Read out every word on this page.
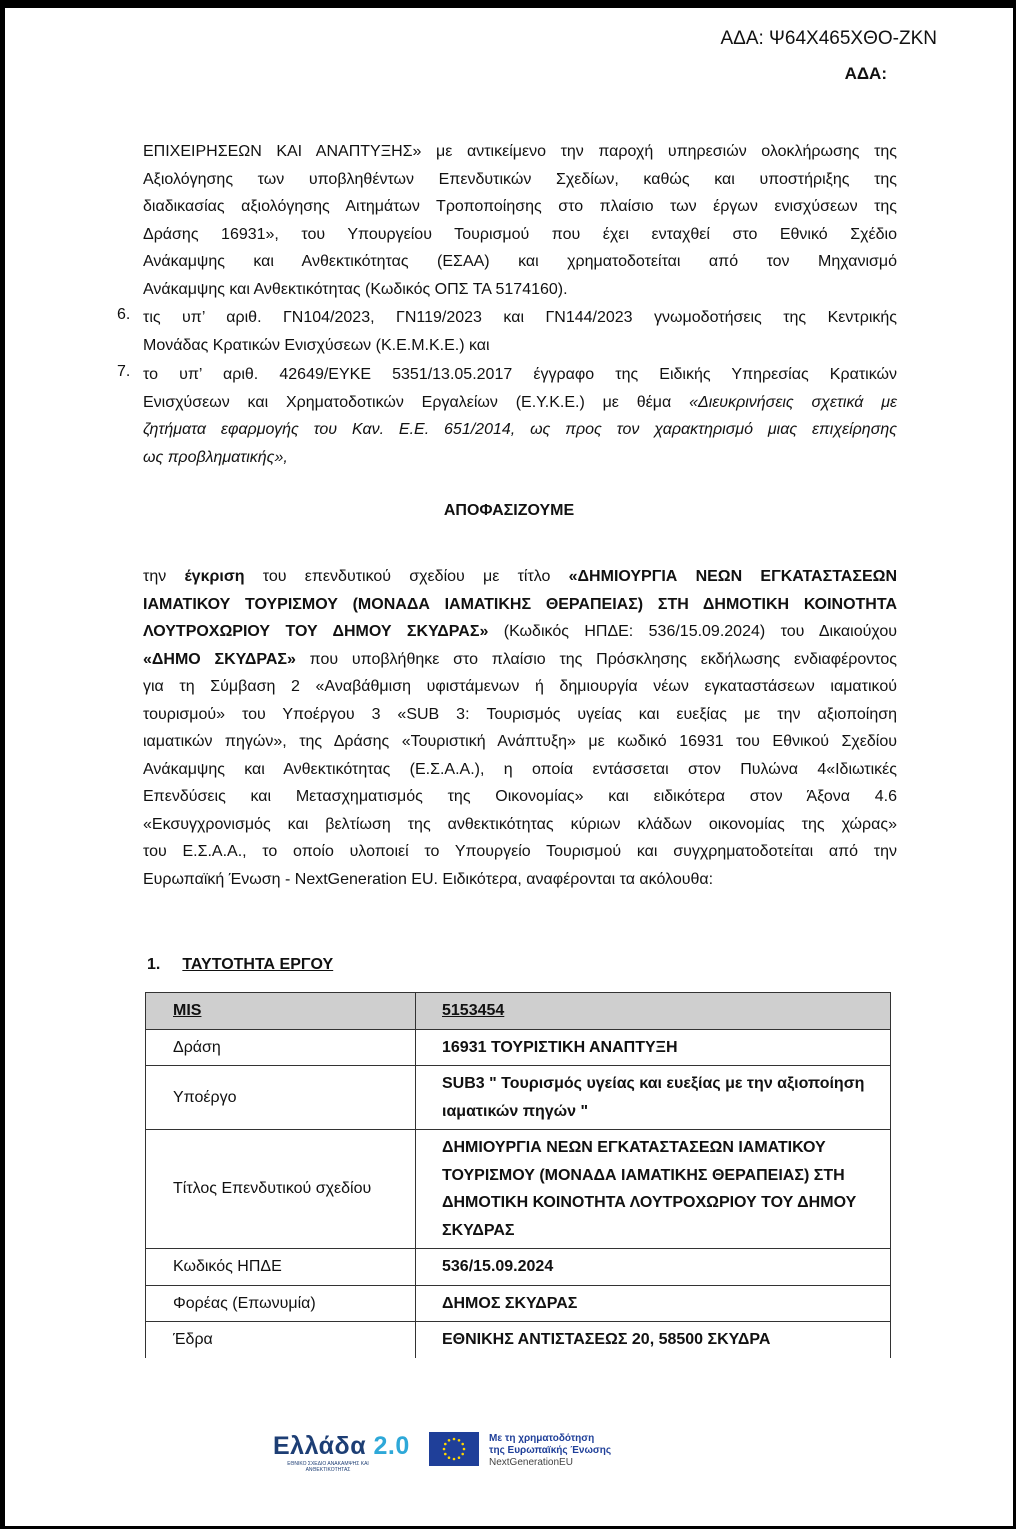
ΑΔΑ: Ψ64Χ465ΧΘΟ-ΖΚΝ
ΑΔΑ:

ΕΠΙΧΕΙΡΗΣΕΩΝ ΚΑΙ ΑΝΑΠΤΥΞΗΣ» με αντικείμενο την παροχή υπηρεσιών ολοκλήρωσης της

Αξιολόγησης των υποβληθέντων Επενδυτικών Σχεδίων, καθώς και υποστήριξης της

διαδικασίας αξιολόγησης Αιτημάτων Τροποποίησης στο πλαίσιο των έργων ενισχύσεων της

Δράσης 16931», του Υπουργείου Τουρισμού που έχει ενταχθεί στο Εθνικό Σχέδιο

Ανάκαμψης και Ανθεκτικότητας (ΕΣΑΑ) και χρηματοδοτείται από τον Μηχανισμό

Ανάκαμψης και Ανθεκτικότητας (Κωδικός ΟΠΣ ΤΑ 5174160).

6. τις υπ’ αριθ. ΓΝ104/2023, ΓΝ119/2023 και ΓΝ144/2023 γνωμοδοτήσεις της Κεντρικής

Μονάδας Κρατικών Ενισχύσεων (Κ.Ε.Μ.Κ.Ε.) και

7. το υπ’ αριθ. 42649/ΕΥΚΕ 5351/13.05.2017 έγγραφο της Ειδικής Υπηρεσίας Κρατικών

Ενισχύσεων και Χρηματοδοτικών Εργαλείων (Ε.Υ.Κ.Ε.) με θέμα «Διευκρινήσεις σχετικά με

ζητήματα εφαρμογής του Καν. Ε.Ε. 651/2014, ως προς τον χαρακτηρισμό μιας επιχείρησης

ως προβληματικής»,

ΑΠΟΦΑΣΙΖΟΥΜΕ

την έγκριση του επενδυτικού σχεδίου με τίτλο «ΔΗΜΙΟΥΡΓΙΑ ΝΕΩΝ ΕΓΚΑΤΑΣΤΑΣΕΩΝ

ΙΑΜΑΤΙΚΟΥ ΤΟΥΡΙΣΜΟΥ (ΜΟΝΑΔΑ ΙΑΜΑΤΙΚΗΣ ΘΕΡΑΠΕΙΑΣ) ΣΤΗ ΔΗΜΟΤΙΚΗ ΚΟΙΝΟΤΗΤΑ

ΛΟΥΤΡΟΧΩΡΙΟΥ ΤΟΥ ΔΗΜΟΥ ΣΚΥΔΡΑΣ» (Κωδικός ΗΠΔΕ: 536/15.09.2024) του Δικαιούχου

«ΔΗΜΟ ΣΚΥΔΡΑΣ» που υποβλήθηκε στο πλαίσιο της Πρόσκλησης εκδήλωσης ενδιαφέροντος

για τη Σύμβαση 2 «Αναβάθμιση υφιστάμενων ή δημιουργία νέων εγκαταστάσεων ιαματικού

τουρισμού» του Υποέργου 3 «SUB 3: Τουρισμός υγείας και ευεξίας με την αξιοποίηση

ιαματικών πηγών», της Δράσης «Τουριστική Ανάπτυξη» με κωδικό 16931 του Εθνικού Σχεδίου

Ανάκαμψης και Ανθεκτικότητας (Ε.Σ.Α.Α.), η οποία εντάσσεται στον Πυλώνα 4«Ιδιωτικές

Επενδύσεις και Μετασχηματισμός της Οικονομίας» και ειδικότερα στον Άξονα 4.6

«Εκσυγχρονισμός και βελτίωση της ανθεκτικότητας κύριων κλάδων οικονομίας της χώρας»

του Ε.Σ.Α.Α., το οποίο υλοποιεί το Υπουργείο Τουρισμού και συγχρηματοδοτείται από την

Ευρωπαϊκή Ένωση - NextGeneration EU. Ειδικότερα, αναφέρονται τα ακόλουθα:

1. ΤΑΥΤΟΤΗΤΑ ΕΡΓΟΥ
MIS	5153454
Δράση	16931 ΤΟΥΡΙΣΤΙΚΗ ΑΝΑΠΤΥΞΗ
Υποέργο	SUB3 " Τουρισμός υγείας και ευεξίας με την αξιοποίηση ιαματικών πηγών "
Τίτλος Επενδυτικού σχεδίου	ΔΗΜΙΟΥΡΓΙΑ ΝΕΩΝ ΕΓΚΑΤΑΣΤΑΣΕΩΝ ΙΑΜΑΤΙΚΟΥ ΤΟΥΡΙΣΜΟΥ (ΜΟΝΑΔΑ ΙΑΜΑΤΙΚΗΣ ΘΕΡΑΠΕΙΑΣ) ΣΤΗ ΔΗΜΟΤΙΚΗ ΚΟΙΝΟΤΗΤΑ ΛΟΥΤΡΟΧΩΡΙΟΥ ΤΟΥ ΔΗΜΟΥ ΣΚΥΔΡΑΣ
Κωδικός ΗΠΔΕ	536/15.09.2024
Φορέας (Επωνυμία)	ΔΗΜΟΣ ΣΚΥΔΡΑΣ
Έδρα	ΕΘΝΙΚΗΣ ΑΝΤΙΣΤΑΣΕΩΣ 20, 58500 ΣΚΥΔΡΑ
Ελλάδα 2.0
ΕΘΝΙΚΟ ΣΧΕΔΙΟ ΑΝΑΚΑΜΨΗΣ ΚΑΙ ΑΝΘΕΚΤΙΚΟΤΗΤΑΣ
Με τη χρηματοδότηση
της Ευρωπαϊκής Ένωσης
NextGenerationEU
